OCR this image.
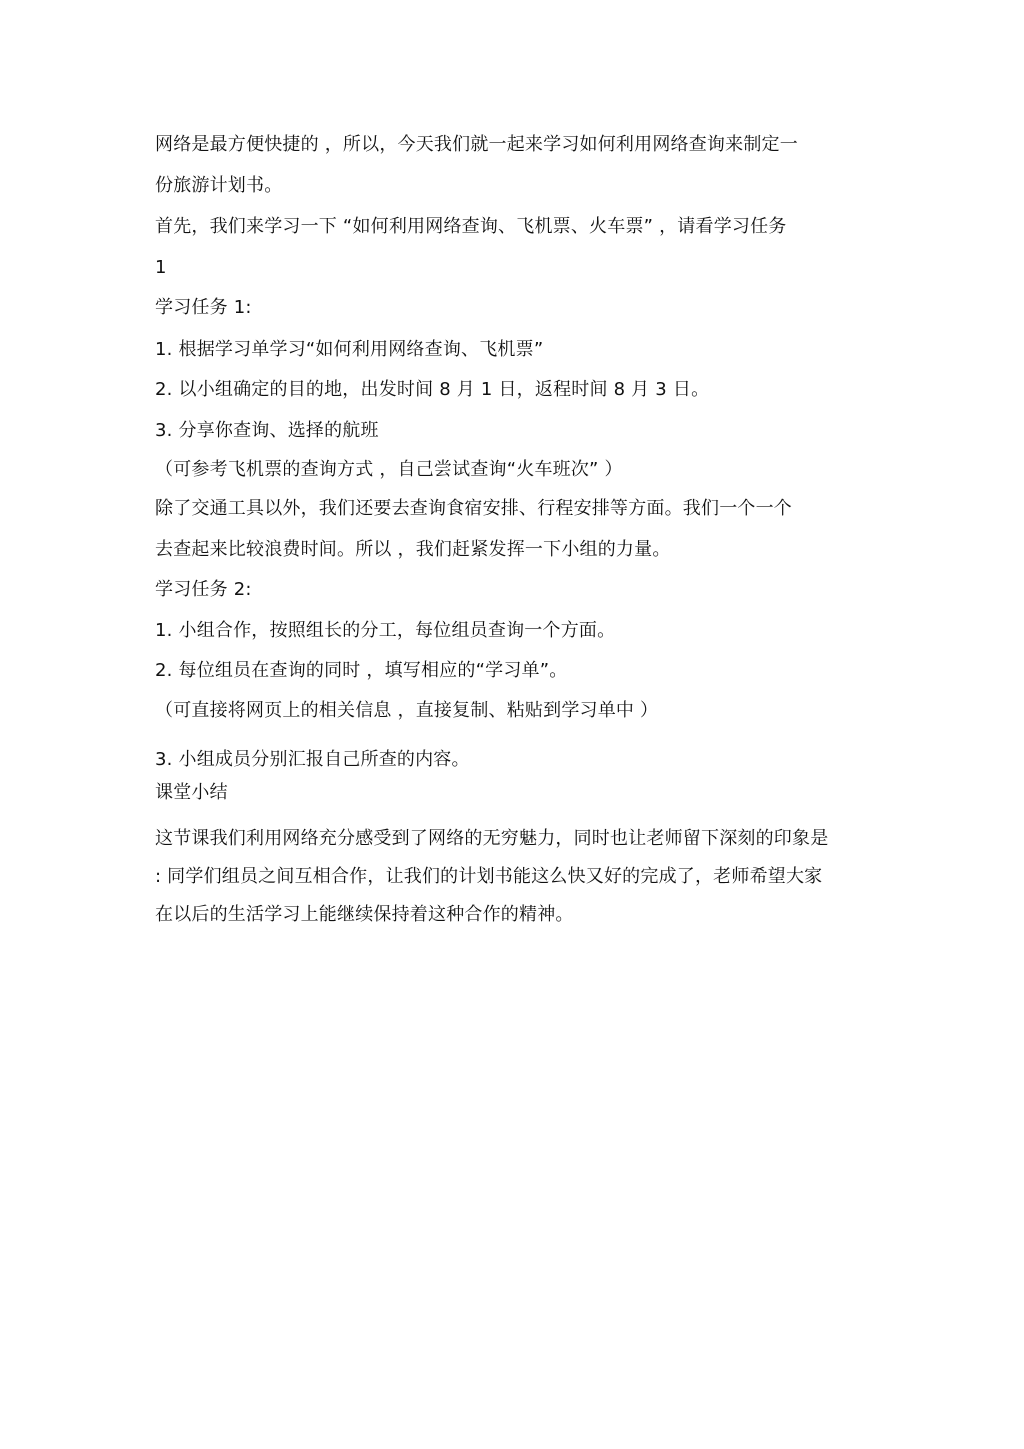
网络是最方便快捷的 ，所以，今天我们就一起来学习如何利用网络查询来制定一
份旅游计划书。
首先，我们来学习一下 “如何利用网络查询、飞机票、火车票” ，请看学习任务
1
学习任务 1:
1. 根据学习单学习“如何利用网络查询、飞机票”
2. 以小组确定的目的地，出发时间 8 月 1 日，返程时间 8 月 3 日。
3. 分享你查询、选择的航班
（可参考飞机票的查询方式 ，自己尝试查询“火车班次” ）
除了交通工具以外，我们还要去查询食宿安排、行程安排等方面。我们一个一个
去查起来比较浪费时间。所以 ，我们赶紧发挥一下小组的力量。
学习任务 2:
1. 小组合作，按照组长的分工，每位组员查询一个方面。
2. 每位组员在查询的同时 ，填写相应的“学习单”。
（可直接将网页上的相关信息 ，直接复制、粘贴到学习单中 ）
3. 小组成员分别汇报自己所查的内容。
课堂小结
这节课我们利用网络充分感受到了网络的无穷魅力，同时也让老师留下深刻的印象是
: 同学们组员之间互相合作，让我们的计划书能这么快又好的完成了，老师希望大家
在以后的生活学习上能继续保持着这种合作的精神。
